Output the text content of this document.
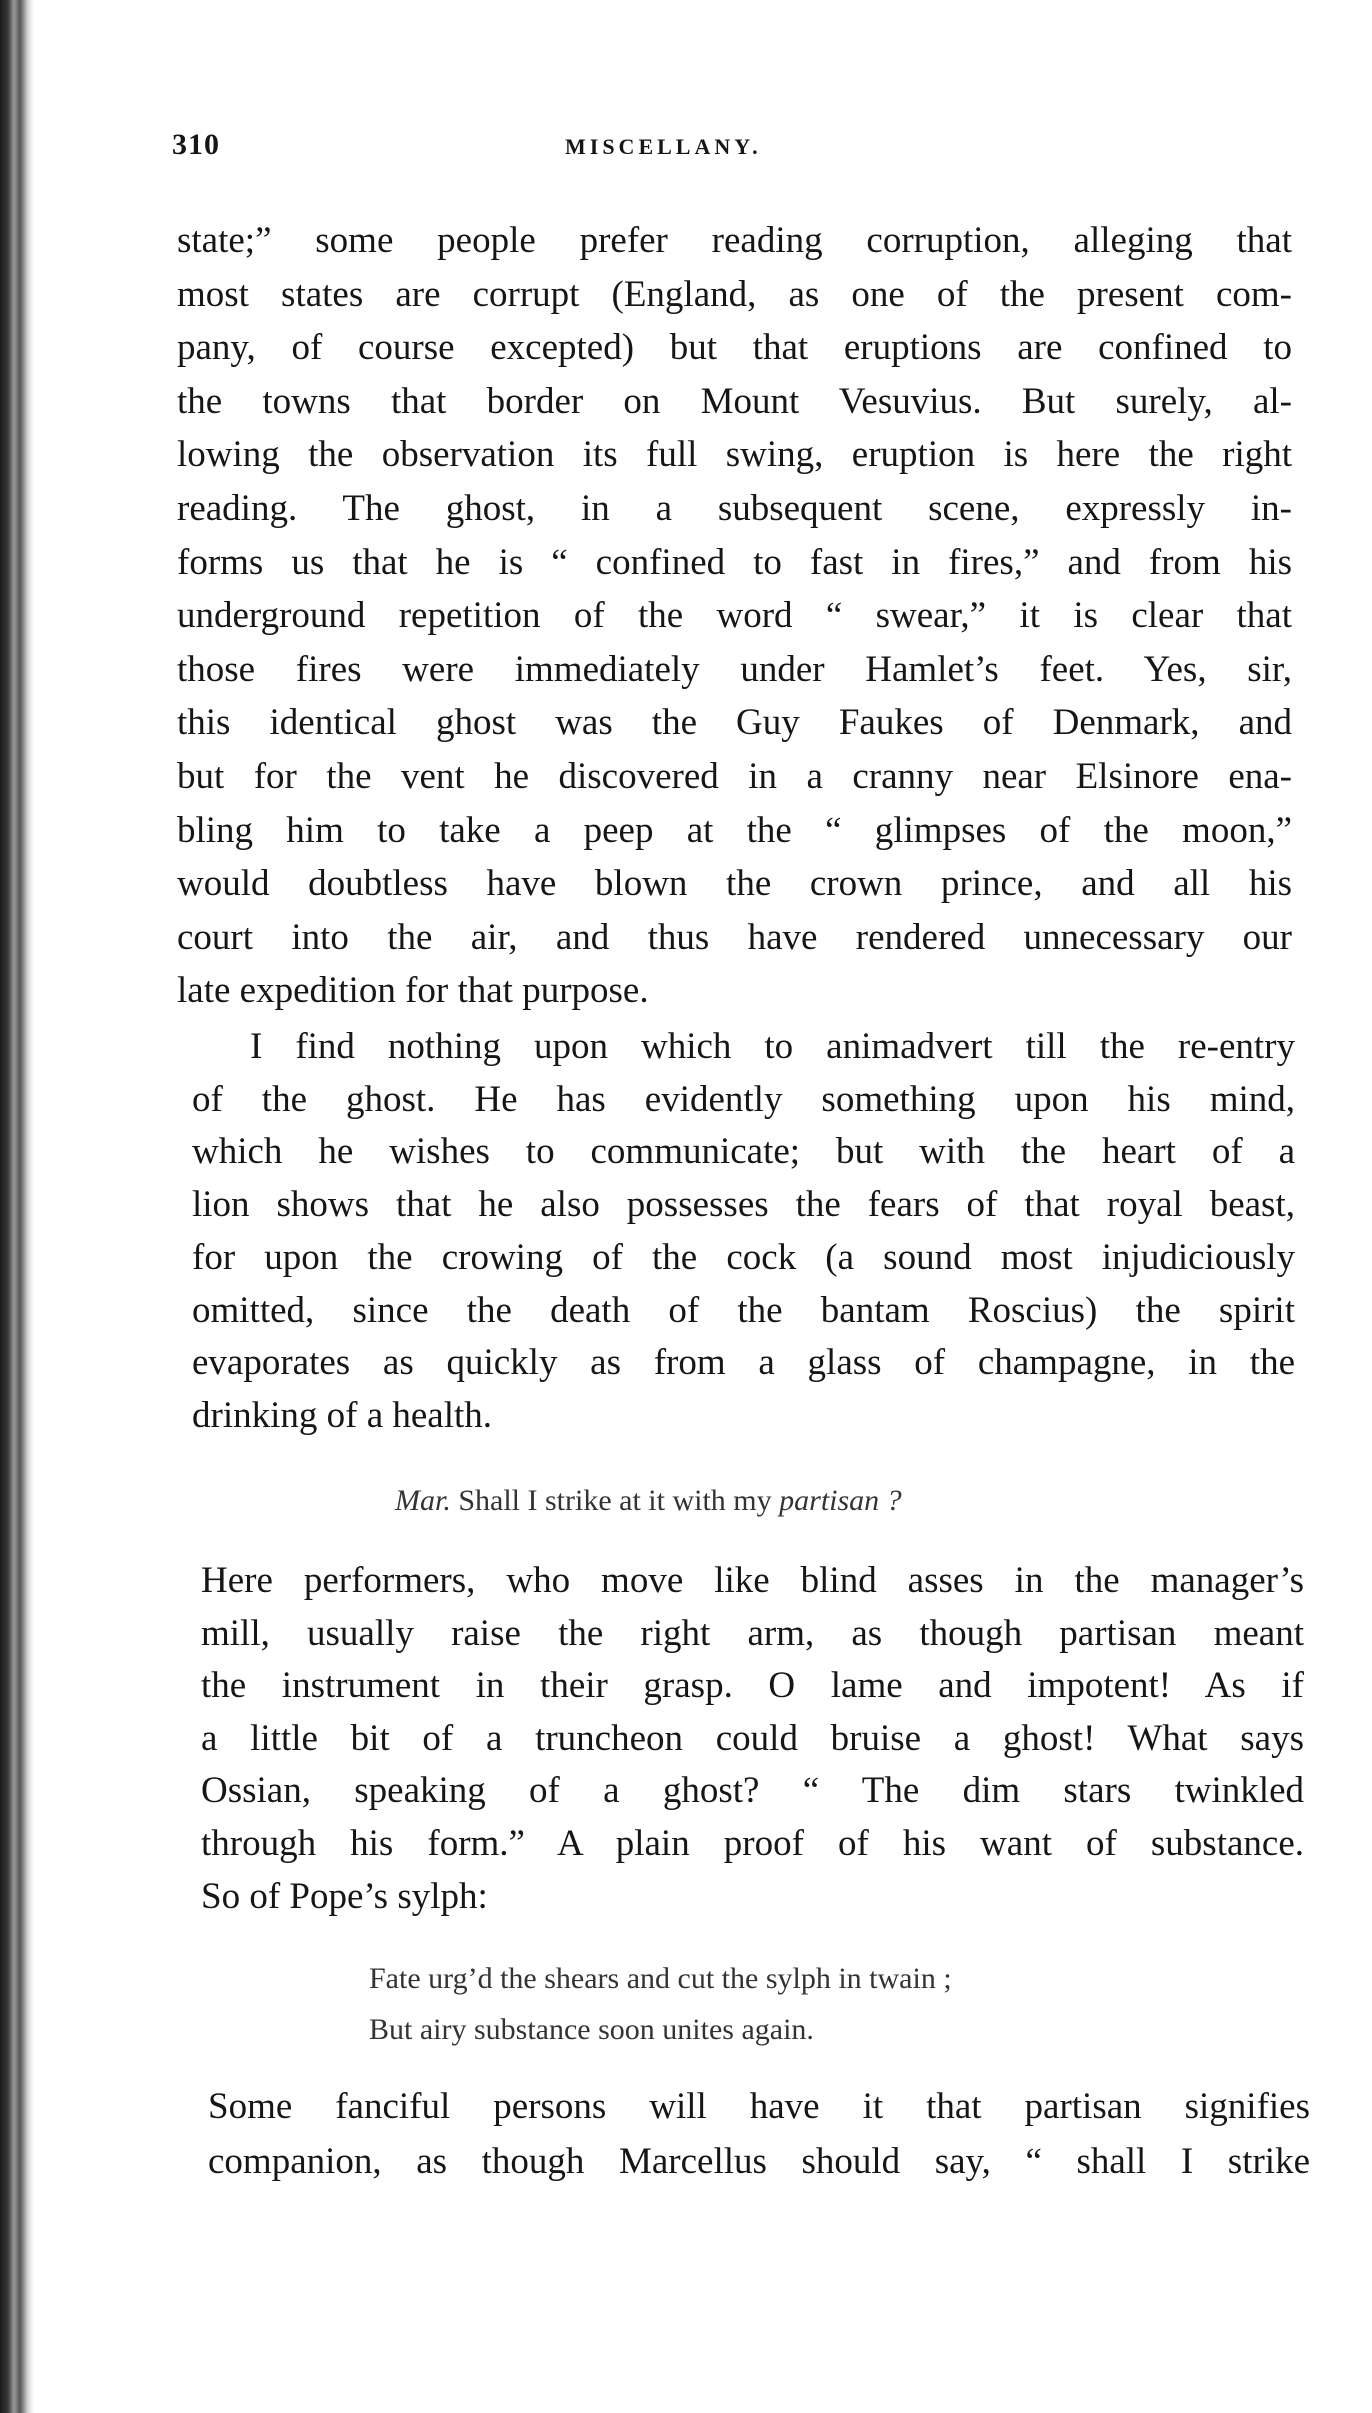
310	MISCELLANY.
state;” some people prefer reading corruption, alleging that
most states are corrupt (England, as one of the present com-
pany, of course excepted) but that eruptions are confined to
the towns that border on Mount Vesuvius. But surely, al-
lowing the observation its full swing, eruption is here the right
reading. The ghost, in a subsequent scene, expressly in-
forms us that he is “ confined to fast in fires,” and from his
underground repetition of the word “ swear,” it is clear that
those fires were immediately under Hamlet’s feet. Yes, sir,
this identical ghost was the Guy Faukes of Denmark, and
but for the vent he discovered in a cranny near Elsinore ena-
bling him to take a peep at the “ glimpses of the moon,”
would doubtless have blown the crown prince, and all his
court into the air, and thus have rendered unnecessary our
late expedition for that purpose.
I find nothing upon which to animadvert till the re-entry
of the ghost. He has evidently something upon his mind,
which he wishes to communicate; but with the heart of a
lion shows that he also possesses the fears of that royal beast,
for upon the crowing of the cock (a sound most injudiciously
omitted, since the death of the bantam Roscius) the spirit
evaporates as quickly as from a glass of champagne, in the
drinking of a health.
Mar. Shall I strike at it with my partisan ?
Here performers, who move like blind asses in the manager’s
mill, usually raise the right arm, as though partisan meant
the instrument in their grasp. O lame and impotent! As if
a little bit of a truncheon could bruise a ghost! What says
Ossian, speaking of a ghost? “ The dim stars twinkled
through his form.” A plain proof of his want of substance.
So of Pope’s sylph:
Fate urg’d the shears and cut the sylph in twain ;
But airy substance soon unites again.
Some fanciful persons will have it that partisan signifies
companion, as though Marcellus should say, “ shall I strike
